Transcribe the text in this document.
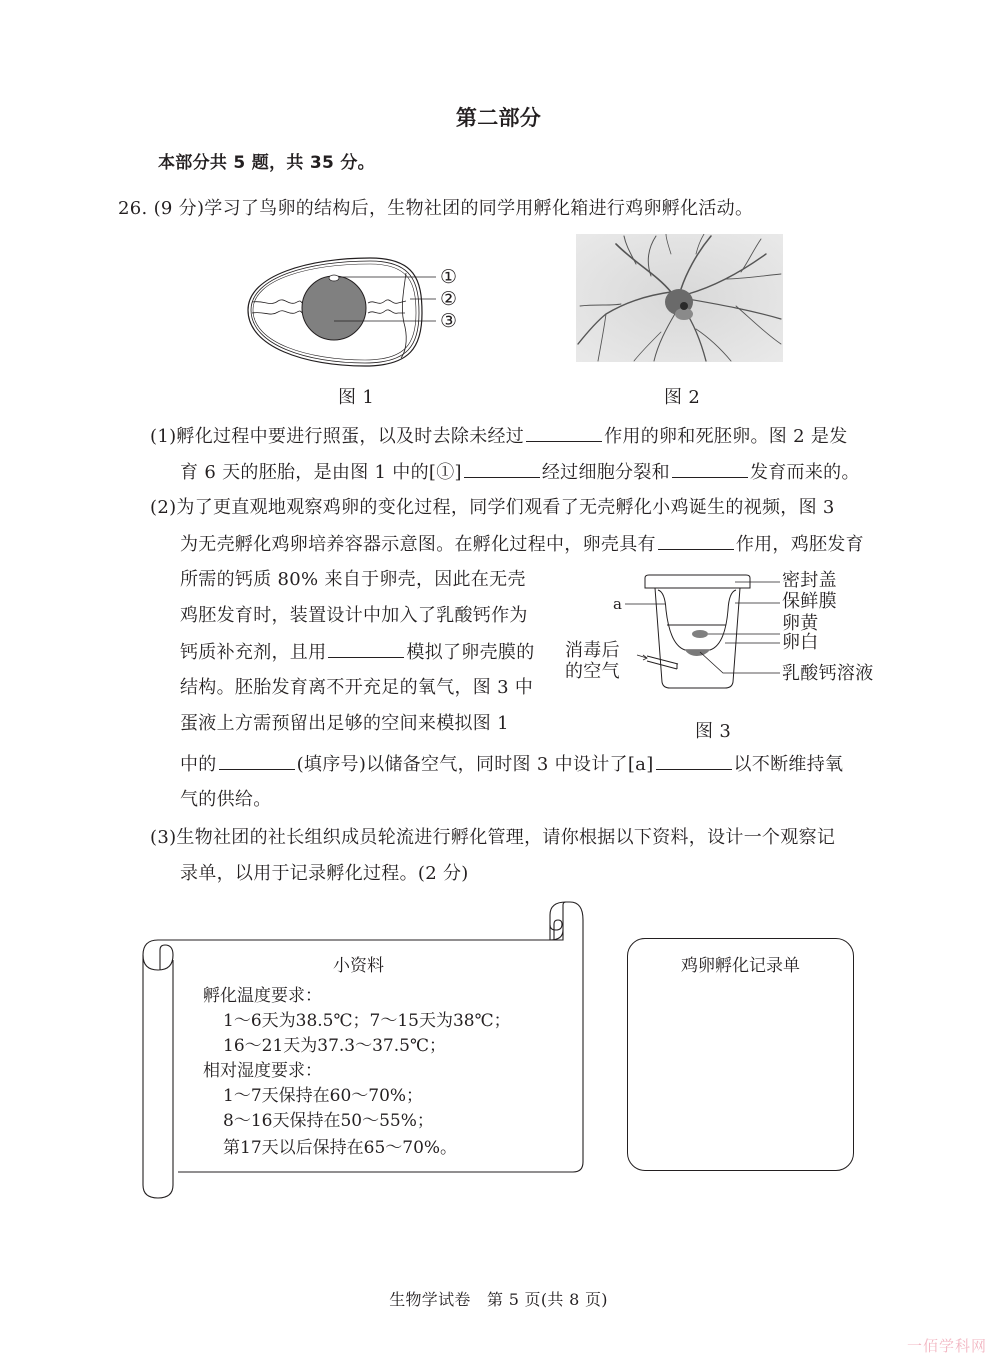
第二部分
本部分共 5 题，共 35 分。
26. (9 分)学习了鸟卵的结构后，生物社团的同学用孵化箱进行鸡卵孵化活动。
①
②
③
图 1	图 2
(1)孵化过程中要进行照蛋，以及时去除未经过	作用的卵和死胚卵。图 2 是发
育 6 天的胚胎，是由图 1 中的[①]	经过细胞分裂和	发育而来的。
(2)为了更直观地观察鸡卵的变化过程，同学们观看了无壳孵化小鸡诞生的视频，图 3
为无壳孵化鸡卵培养容器示意图。在孵化过程中，卵壳具有	作用，鸡胚发育
所需的钙质 80% 来自于卵壳，因此在无壳
鸡胚发育时，装置设计中加入了乳酸钙作为
钙质补充剂，且用	模拟了卵壳膜的
结构。胚胎发育离不开充足的氧气，图 3 中
蛋液上方需预留出足够的空间来模拟图 1
中的	(填序号)以储备空气，同时图 3 中设计了[a]	以不断维持氧
气的供给。
a
密封盖
保鲜膜
卵黄
卵白
乳酸钙溶液
消毒后
的空气
图 3
(3)生物社团的社长组织成员轮流进行孵化管理，请你根据以下资料，设计一个观察记
录单，以用于记录孵化过程。(2 分)
小资料
孵化温度要求：
1～6天为38.5℃；7～15天为38℃；
16～21天为37.3～37.5℃；
相对湿度要求：
1～7天保持在60～70%；
8～16天保持在50～55%；
第17天以后保持在65～70%。
鸡卵孵化记录单
生物学试卷　第 5 页(共 8 页)
一佰学科网
